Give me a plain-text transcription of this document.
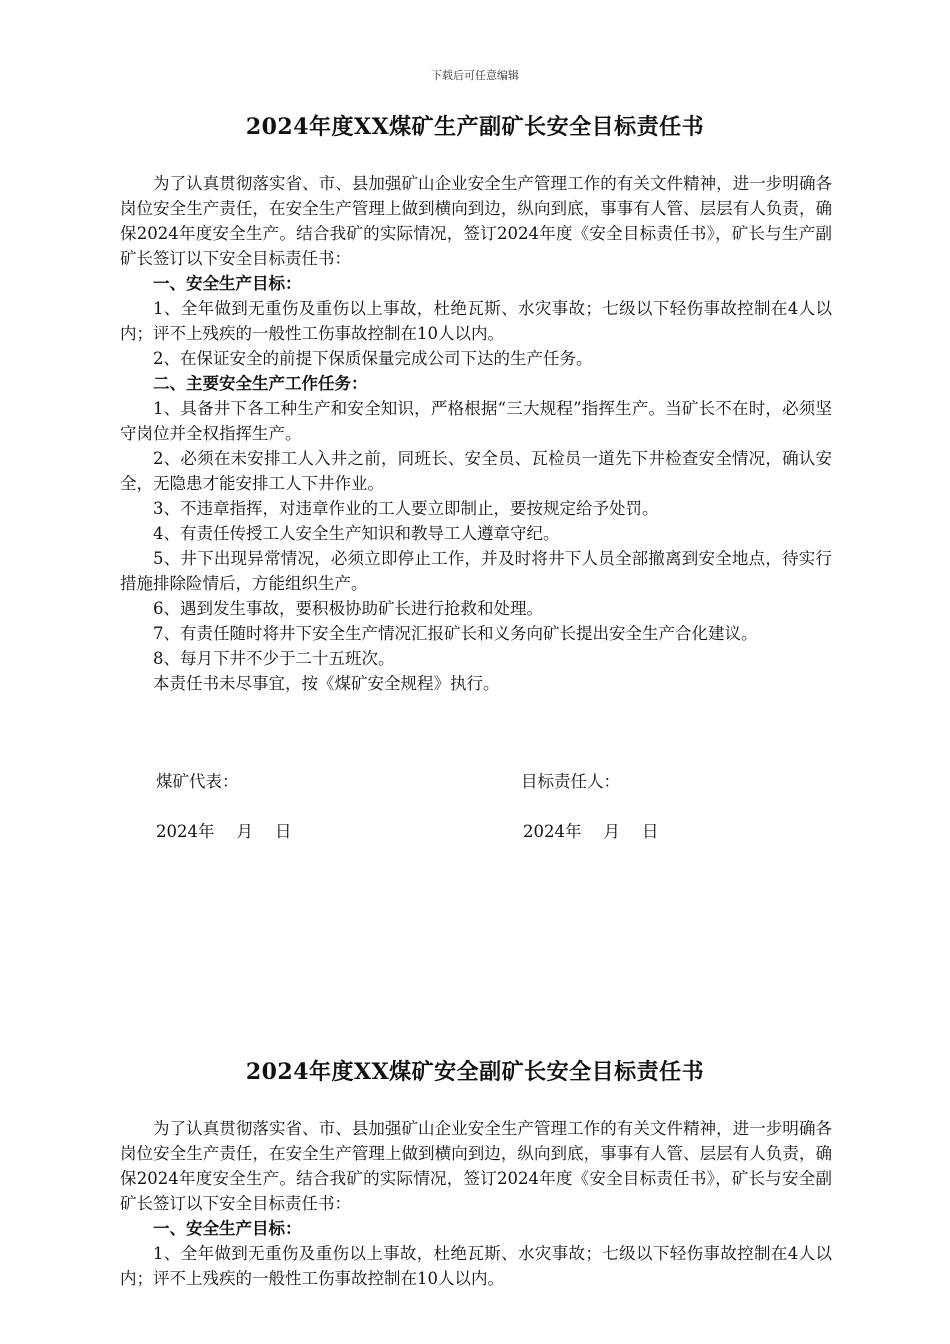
下载后可任意编辑
2024年度XX煤矿生产副矿长安全目标责任书

为了认真贯彻落实省、市、县加强矿山企业安全生产管理工作的有关文件精神，进一步明确各岗位安全生产责任，在安全生产管理上做到横向到边，纵向到底，事事有人管、层层有人负责，确保2024年度安全生产。结合我矿的实际情况，签订2024年度《安全目标责任书》，矿长与生产副矿长签订以下安全目标责任书：

一、安全生产目标：

1、全年做到无重伤及重伤以上事故，杜绝瓦斯、水灾事故；七级以下轻伤事故控制在4人以内；评不上残疾的一般性工伤事故控制在10人以内。

2、在保证安全的前提下保质保量完成公司下达的生产任务。

二、主要安全生产工作任务：

1、具备井下各工种生产和安全知识，严格根据“三大规程”指挥生产。当矿长不在时，必须坚守岗位并全权指挥生产。

2、必须在未安排工人入井之前，同班长、安全员、瓦检员一道先下井检查安全情况，确认安全，无隐患才能安排工人下井作业。

3、不违章指挥，对违章作业的工人要立即制止，要按规定给予处罚。

4、有责任传授工人安全生产知识和教导工人遵章守纪。

5、井下出现异常情况，必须立即停止工作，并及时将井下人员全部撤离到安全地点，待实行措施排除险情后，方能组织生产。

6、遇到发生事故，要积极协助矿长进行抢救和处理。

7、有责任随时将井下安全生产情况汇报矿长和义务向矿长提出安全生产合化建议。

8、每月下井不少于二十五班次。

本责任书未尽事宜，按《煤矿安全规程》执行。

煤矿代表：	目标责任人：
2024年 月 日	2024年 月 日
2024年度XX煤矿安全副矿长安全目标责任书

为了认真贯彻落实省、市、县加强矿山企业安全生产管理工作的有关文件精神，进一步明确各岗位安全生产责任，在安全生产管理上做到横向到边，纵向到底，事事有人管、层层有人负责，确保2024年度安全生产。结合我矿的实际情况，签订2024年度《安全目标责任书》，矿长与安全副矿长签订以下安全目标责任书：

一、安全生产目标：

1、全年做到无重伤及重伤以上事故，杜绝瓦斯、水灾事故；七级以下轻伤事故控制在4人以内；评不上残疾的一般性工伤事故控制在10人以内。
